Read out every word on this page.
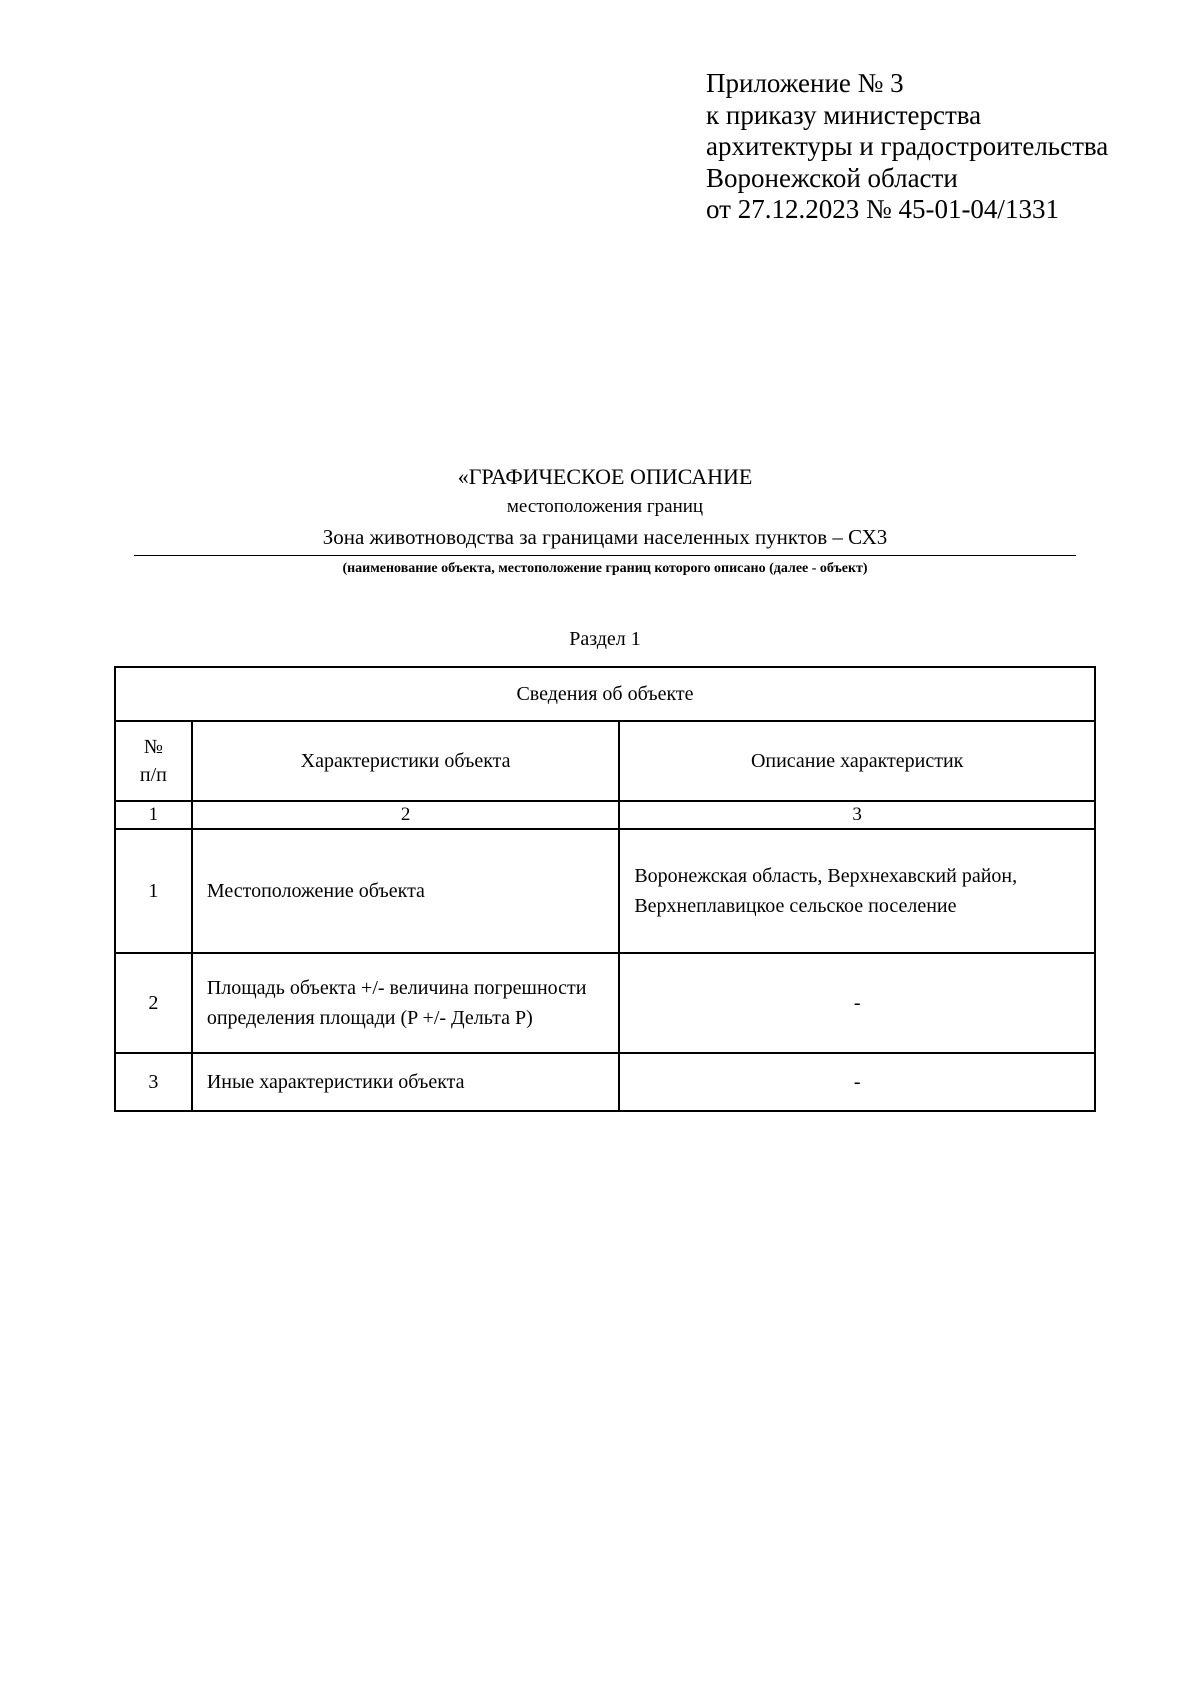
Приложение № 3
к приказу министерства
архитектуры и градостроительства
Воронежской области
от 27.12.2023 № 45-01-04/1331
«ГРАФИЧЕСКОЕ ОПИСАНИЕ
местоположения границ
Зона животноводства за границами населенных пунктов – СХ3
(наименование объекта, местоположение границ которого описано (далее - объект)
Раздел 1
Сведения об объекте		
№
п/п	Характеристики объекта	Описание характеристик
1	2	3
1	Местоположение объекта	Воронежская область, Верхнехавский район, Верхнеплавицкое сельское поселение
2	Площадь объекта +/- величина погрешности определения площади (P +/- Дельта P)	-
3	Иные характеристики объекта	-
